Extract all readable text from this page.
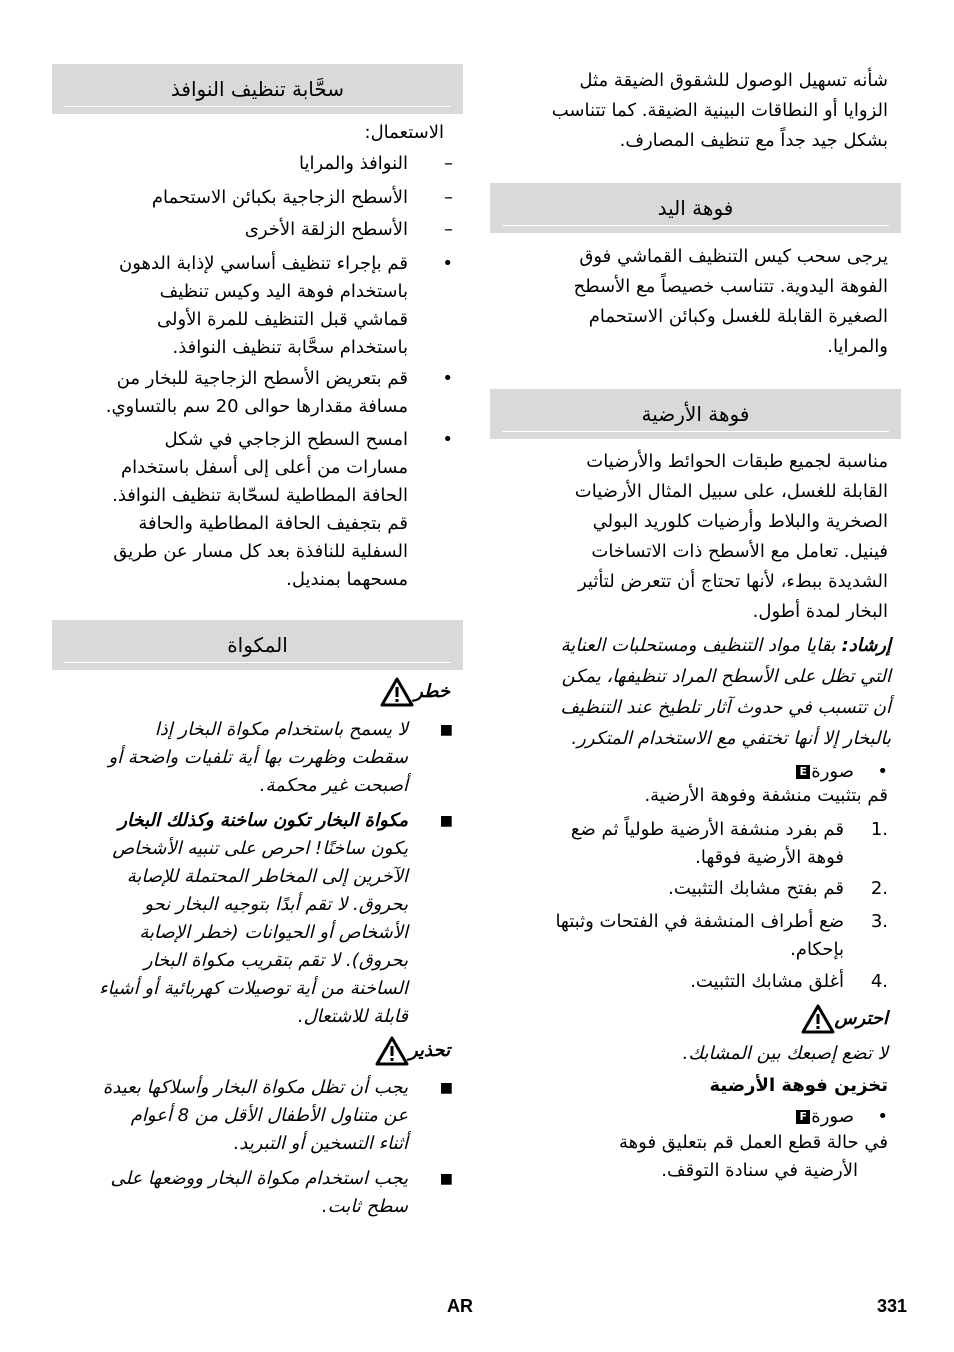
شأنه تسهيل الوصول للشقوق الضيقة مثل
الزوايا أو النطاقات البينية الضيقة. كما تتناسب
بشكل جيد جداً مع تنظيف المصارف.
فوهة اليد
يرجى سحب كيس التنظيف القماشي فوق
الفوهة اليدوية. تتناسب خصيصاً مع الأسطح
الصغيرة القابلة للغسل وكبائن الاستحمام
والمرايا.
فوهة الأرضية
مناسبة لجميع طبقات الحوائط والأرضيات
القابلة للغسل، على سبيل المثال الأرضيات
الصخرية والبلاط وأرضيات كلوريد البولي
فينيل. تعامل مع الأسطح ذات الاتساخات
الشديدة ببطء، لأنها تحتاج أن تتعرض لتأثير
البخار لمدة أطول.
إرشاد: بقايا مواد التنظيف ومستحلبات العناية
التي تظل على الأسطح المراد تنظيفها، يمكن
أن تتسبب في حدوث آثار تلطيخ عند التنظيف
بالبخار إلا أنها تختفي مع الاستخدام المتكرر.
•
صورةE
قم بتثبيت منشفة وفوهة الأرضية.
1.
قم بفرد منشفة الأرضية طولياً ثم ضع
فوهة الأرضية فوقها.
2.
قم بفتح مشابك التثبيت.
3.
ضع أطراف المنشفة في الفتحات وثبتها
بإحكام.
4.
أغلق مشابك التثبيت.
احترس
لا تضع إصبعك بين المشابك.
تخزين فوهة الأرضية
•
صورةF
في حالة قطع العمل قم بتعليق فوهة
الأرضية في سنادة التوقف.
سحَّابة تنظيف النوافذ
الاستعمال:
–
النوافذ والمرايا
–
الأسطح الزجاجية بكبائن الاستحمام
–
الأسطح الزلقة الأخرى
•
قم بإجراء تنظيف أساسي لإذابة الدهون
باستخدام فوهة اليد وكيس تنظيف
قماشي قبل التنظيف للمرة الأولى
باستخدام سحَّابة تنظيف النوافذ.
•
قم بتعريض الأسطح الزجاجية للبخار من
مسافة مقدارها حوالى 20 سم بالتساوي.
•
امسح السطح الزجاجي في شكل
مسارات من أعلى إلى أسفل باستخدام
الحافة المطاطية لسحّابة تنظيف النوافذ.
قم بتجفيف الحافة المطاطية والحافة
السفلية للنافذة بعد كل مسار عن طريق
مسحهما بمنديل.
المكواة
خطر
■
لا يسمح باستخدام مكواة البخار إذا
سقطت وظهرت بها أية تلفيات واضحة أو
أصبحت غير محكمة.
■
مكواة البخار تكون ساخنة وكذلك البخار
يكون ساخنًا! احرص على تنبيه الأشخاص
الآخرين إلى المخاطر المحتملة للإصابة
بحروق. لا تقم أبدًا بتوجيه البخار نحو
الأشخاص أو الحيوانات (خطر الإصابة
بحروق). لا تقم بتقريب مكواة البخار
الساخنة من أية توصيلات كهربائية أو أشياء
قابلة للاشتعال.
تحذير
■
يجب أن تظل مكواة البخار وأسلاكها بعيدة
عن متناول الأطفال الأقل من 8 أعوام
أثناء التسخين أو التبريد.
■
يجب استخدام مكواة البخار ووضعها على
سطح ثابت.
AR	331
